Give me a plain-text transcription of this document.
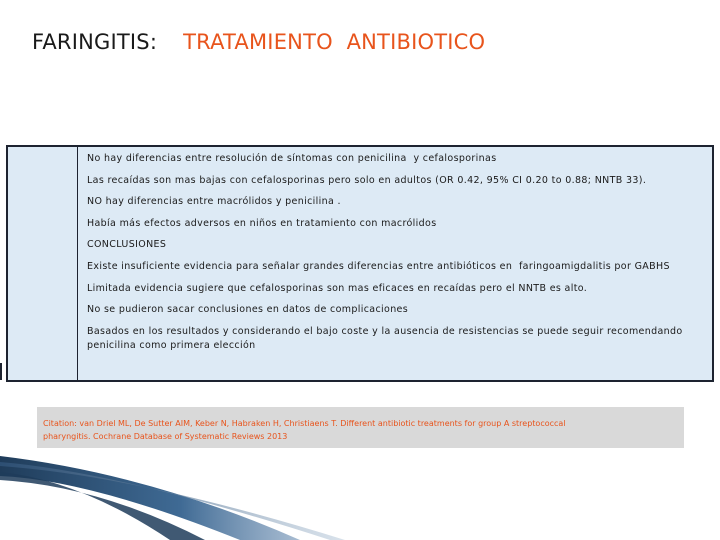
FARINGITIS: TRATAMIENTO  ANTIBIOTICO
No hay diferencias entre resolución de síntomas con penicilina  y cefalosporinas
Las recaídas son mas bajas con cefalosporinas pero solo en adultos (OR 0.42, 95% CI 0.20 to 0.88; NNTB 33).
NO hay diferencias entre macrólidos y penicilina .
Había más efectos adversos en niños en tratamiento con macrólidos
CONCLUSIONES
Existe insuficiente evidencia para señalar grandes diferencias entre antibióticos en  faringoamigdalitis por GABHS
Limitada evidencia sugiere que cefalosporinas son mas eficaces en recaídas pero el NNTB es alto.
No se pudieron sacar conclusiones en datos de complicaciones
Basados en los resultados y considerando el bajo coste y la ausencia de resistencias se puede seguir recomendando penicilina como primera elección
Citation: van Driel ML, De Sutter AIM, Keber N, Habraken H, Christiaens T. Different antibiotic treatments for group A streptococcal
pharyngitis. Cochrane Database of Systematic Reviews 2013
